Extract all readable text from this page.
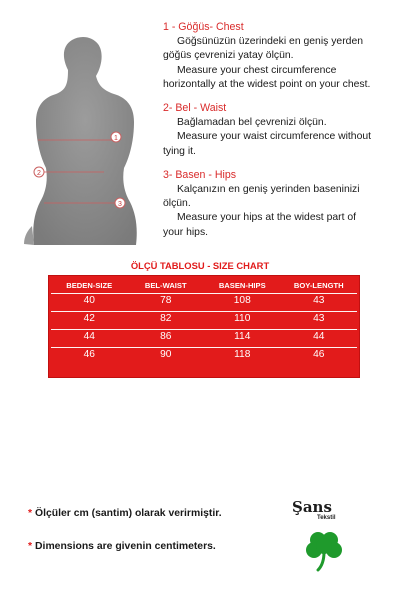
1
2
3
1 - Göğüs- Chest
Göğsünüzün üzerindeki en geniş yerden
göğüs çevrenizi yatay ölçün.
Measure your chest circumference
horizontally at the widest point on your chest.
2- Bel - Waist
Bağlamadan bel çevrenizi ölçün.
Measure your waist circumference without
tying it.
3- Basen - Hips
Kalçanızın en geniş yerinden baseninizi
ölçün.
Measure your hips at the widest part of
your hips.
ÖLÇÜ TABLOSU - SIZE CHART
BEDEN-SIZE	BEL-WAIST	BASEN-HIPS	BOY-LENGTH
40	78	108	43
42	82	110	43
44	86	114	44
46	90	118	46
* Ölçüler cm (santim) olarak verirmiştir.
* Dimensions are givenin centimeters.
Şans
Tekstil
